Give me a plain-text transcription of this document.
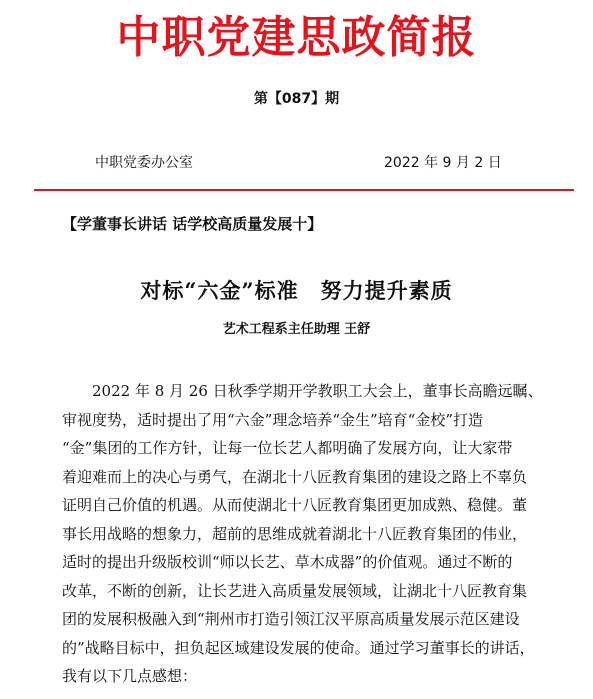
中职党建思政简报
第【087】期
中职党委办公室	2022 年 9 月 2 日
【学董事长讲话 话学校高质量发展十】
对标“六金”标准　努力提升素质
艺术工程系主任助理 王舒
2022 年 8 月 26 日秋季学期开学教职工大会上，董事长高瞻远瞩、
审视度势，适时提出了用“六金”理念培养“金生”培育“金校”打造
“金”集团的工作方针，让每一位长艺人都明确了发展方向，让大家带
着迎难而上的决心与勇气，在湖北十八匠教育集团的建设之路上不辜负
证明自己价值的机遇。从而使湖北十八匠教育集团更加成熟、稳健。董
事长用战略的想象力，超前的思维成就着湖北十八匠教育集团的伟业，
适时的提出升级版校训“师以长艺、草木成器”的价值观。通过不断的
改革，不断的创新，让长艺进入高质量发展领域，让湖北十八匠教育集
团的发展积极融入到“荆州市打造引领江汉平原高质量发展示范区建设
的”战略目标中，担负起区域建设发展的使命。通过学习董事长的讲话，
我有以下几点感想：
